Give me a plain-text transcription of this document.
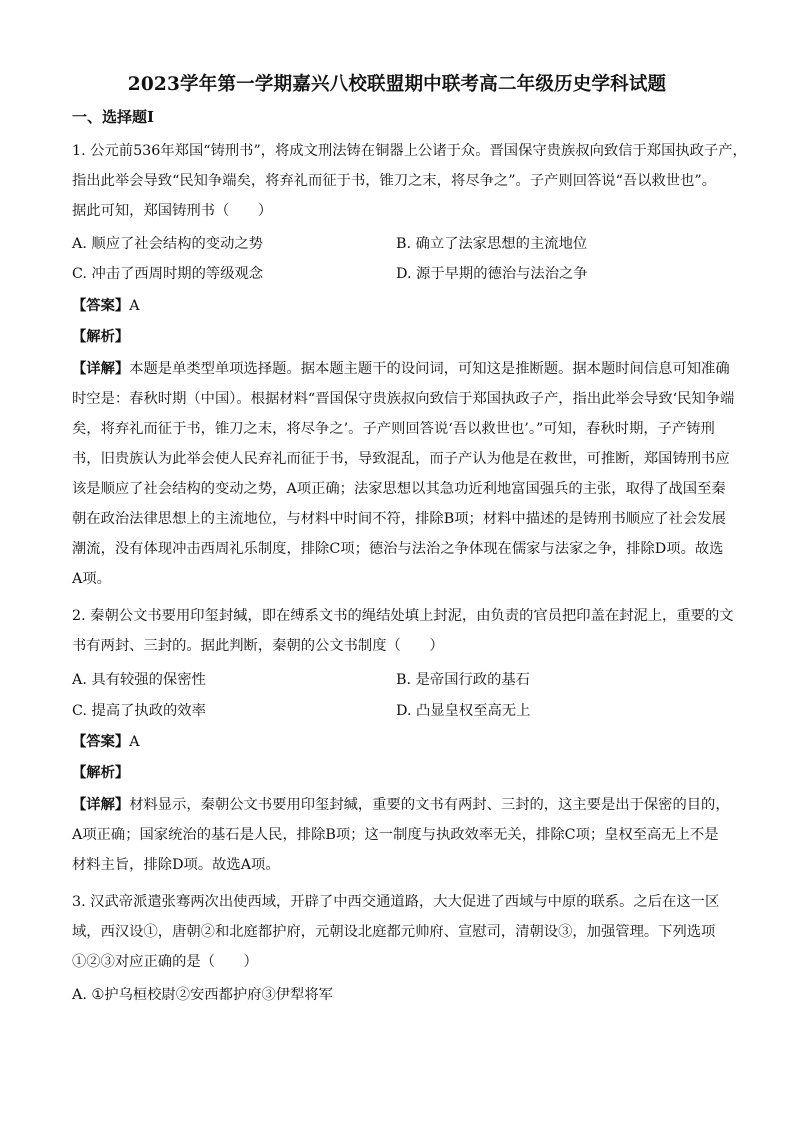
2023学年第一学期嘉兴八校联盟期中联考高二年级历史学科试题
一、选择题Ⅰ
1. 公元前536年郑国“铸刑书”，将成文刑法铸在铜器上公诸于众。晋国保守贵族叔向致信于郑国执政子产，
指出此举会导致“民知争端矣，将弃礼而征于书，锥刀之末，将尽争之”。子产则回答说“吾以救世也”。
据此可知，郑国铸刑书（　　）
A. 顺应了社会结构的变动之势	B. 确立了法家思想的主流地位
C. 冲击了西周时期的等级观念	D. 源于早期的德治与法治之争
【答案】A
【解析】
【详解】本题是单类型单项选择题。据本题主题干的设问词，可知这是推断题。据本题时间信息可知准确
时空是：春秋时期（中国）。根据材料“晋国保守贵族叔向致信于郑国执政子产，指出此举会导致‘民知争端
矣，将弃礼而征于书，锥刀之末，将尽争之’。子产则回答说‘吾以救世也’。”可知，春秋时期，子产铸刑
书，旧贵族认为此举会使人民弃礼而征于书，导致混乱，而子产认为他是在救世，可推断，郑国铸刑书应
该是顺应了社会结构的变动之势，A项正确；法家思想以其急功近利地富国强兵的主张，取得了战国至秦
朝在政治法律思想上的主流地位，与材料中时间不符，排除B项；材料中描述的是铸刑书顺应了社会发展
潮流，没有体现冲击西周礼乐制度，排除C项；德治与法治之争体现在儒家与法家之争，排除D项。故选
A项。
2. 秦朝公文书要用印玺封缄，即在缚系文书的绳结处填上封泥，由负责的官员把印盖在封泥上，重要的文
书有两封、三封的。据此判断，秦朝的公文书制度（　　）
A. 具有较强的保密性	B. 是帝国行政的基石
C. 提高了执政的效率	D. 凸显皇权至高无上
【答案】A
【解析】
【详解】材料显示，秦朝公文书要用印玺封缄，重要的文书有两封、三封的，这主要是出于保密的目的，
A项正确；国家统治的基石是人民，排除B项；这一制度与执政效率无关，排除C项；皇权至高无上不是
材料主旨，排除D项。故选A项。
3. 汉武帝派遣张骞两次出使西域，开辟了中西交通道路，大大促进了西域与中原的联系。之后在这一区
域，西汉设①，唐朝②和北庭都护府，元朝设北庭都元帅府、宣慰司，清朝设③，加强管理。下列选项
①②③对应正确的是（　　）
A. ①护乌桓校尉②安西都护府③伊犁将军
